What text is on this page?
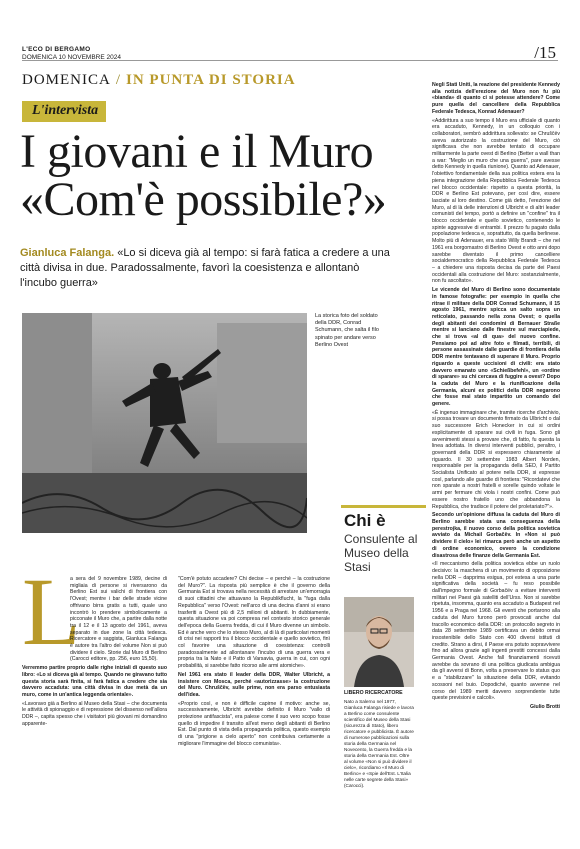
L'ECO DI BERGAMO
DOMENICA 10 NOVEMBRE 2024	/15
DOMENICA / IN PUNTA DI STORIA
L'intervista
I giovani e il Muro
«Com'è possibile?»
Gianluca Falanga. «Lo si diceva già al tempo: si farà fatica a credere a una città divisa in due. Paradossalmente, favorì la coesistenza e allontanò l'incubo guerra»
La storica foto del soldato della DDR, Conrad Schumann, che salta il filo spinato per andare verso Berlino Ovest
L

a sera del 9 novembre 1989, decine di migliaia di persone si riversarono da Berlino Est sui valichi di frontiera con l'Ovest; mentre i bar delle strade vicine offrivano birra gratis a tutti, quale uno incontrò lo prendere simbolicamente a picconate il Muro che, a partire dalla notte tra il 12 e il 13 agosto del 1961, aveva separato in due zone la città tedesca. Ricercatore e saggista, Gianluca Falanga è autore tra l'altro del volume Non si può dividere il cielo. Storie dal Muro di Berlino (Carocci editore, pp. 256, euro 15,50).

Verremmo partire proprio dalle righe iniziali di questo suo libro: «Lo si diceva già al tempo. Quando ne giravano tutto questa storia sarà finita, si farà fatica a credere che sia davvero accaduta: una città divisa in due metà da un muro, come in un'antica leggenda orientale».

«Lavoravo già a Berlino al Museo della Stasi – che documenta le attività di spionaggio e di repressione del dissenso nell'allora DDR –, capita spesso che i visitatori più giovani mi domandino apparente-

"Com'è potuto accadere? Chi decise – e perché – la costruzione del Muro?". La risposta più semplice è che il governo della Germania Est si trovava nella necessità di arrestare un'emorragia di suoi cittadini che attuavano la Republikflucht, la "fuga dalla Repubblica" verso l'Ovest: nell'arco di una decina d'anni si erano trasferiti a Ovest più di 2,5 milioni di abitanti. In dubbiamente, questa situazione va poi compresa nel contesto storico generale dell'epoca della Guerra fredda, di cui il Muro divenne un simbolo. Ed è anche vero che lo stesso Muro, al di là di particolari momenti di crisi nei rapporti tra il blocco occidentale e quello sovietico, finì col favorire una situazione di coesistenza: controlli paradossalmente ad allontanare l'incubo di una guerra vera e propria tra la Nato e il Patto di Varsavia, guerra in cui, con ogni probabilità, si sarebbe fatto ricorso alle armi atomiche».

Nel 1961 era stato il leader della DDR, Walter Ulbricht, a insistere con Mosca, perché «autorizzasse» la costruzione del Muro. Chruščëv, sulle prime, non era parso entusiasta dell'idea.

«Proprio così, e non è difficile capirne il motivo: anche se, successivamente, Ulbricht avrebbe definito il Muro "vallo di protezione antifascista", era palese come il suo vero scopo fosse quello di impedire il transito all'est meno degli abitanti di Berlino Est. Dal punto di vista della propaganda politica, questo esempio di una "prigione a cielo aperto" non contribuiva certamente a migliorare l'immagine del blocco comunista».

Negli Stati Uniti, la reazione del presidente Kennedy alla notizia dell'erezione del Muro non fu più «bianda» di quanto ci si potesse attendere? Come pure quella del cancelliere della Repubblica Federale Tedesca, Konrad Adenauer?

«Addirittura a suo tempo il Muro era ufficiale di quanto era accaduto, Kennedy, in un colloquio con i collaboratori, sembrò addirittura sollevato: se Chruščëv aveva autorizzato la costruzione del Muro, ciò significava che non avrebbe tentato di occupare militarmente la parte ovest di Berlino (Better a wall than a war: "Meglio un muro che una guerra", pare avesse detto Kennedy in quella riunione). Quanto ad Adenauer, l'obiettivo fondamentale della sua politica estera era la piena integrazione della Repubblica Federale Tedesca nel blocco occidentale: rispetto a questa priorità, la DDR e Berlino Est potevano, per così dire, essere lasciate al loro destino. Come già detto, l'erezione del Muro, al di là delle intenzioni di Ulbricht e di altri leader comunisti del tempo, portò a definire un "confine" tra il blocco occidentale e quello sovietico, contenendo le spinte aggressive di entrambi. Il prezzo fu pagato dalla popolazione tedesca e, soprattutto, da quella berlinese. Molto più di Adenauer, era stato Willy Brandt – che nel 1961 era borgomastro di Berlino Ovest e otto anni dopo sarebbe diventato il primo cancelliere socialdemocratico della Repubblica Federale Tedesca – a chiedere una risposta decisa da parte dei Paesi occidentali alla costruzione del Muro: sostanzialmente, non fu ascoltato».

Le vicende del Muro di Berlino sono documentate in famose fotografie: per esempio in quella che ritrae il militare della DDR Conrad Schumann, il 15 agosto 1961, mentre spicca un salto sopra un reticolato, passando nella zona Ovest; o quella degli abitanti dei condomini di Bernauer Straße mentre si lanciano dalle finestre sul marciapiede, che si trova «al di qua» del nuovo confine. Pensiamo poi ad altre foto e filmati, terribili, di persone assassinate dalle guardie di frontiera della DDR mentre tentavano di superare il Muro. Proprio riguardo a queste uccisioni di civili: era stato davvero emanato uno «Schießbefehl», un «ordine di sparare» su chi cercava di fuggire a ovest? Dopo la caduta del Muro e la riunificazione della Germania, alcuni ex politici della DDR negarono che fosse mai stato impartito un comando del genere.

«È ingenuo immaginare che, tramite ricerche d'archivio, si possa trovare un documento firmato da Ulbricht o dal suo successore Erich Honecker in cui si ordini esplicitamente di sparare sui civili in fuga. Sono gli avvenimenti stessi a provare che, di fatto, fu questa la linea adottata. In diversi interventi pubblici, peraltro, i governanti della DDR si espressero chiaramente al riguardo. Il 30 settembre 1983 Albert Norden, responsabile per la propaganda della SED, il Partito Socialista Unificato al potere nella DDR, si espresse così, parlando alle guardie di frontiera: "Ricordatevi che non sparate a nostri fratelli e sorelle quindo voltate le armi per fermare chi viola i nostri confini. Come può essere nostro fratello uno che abbandona la Repubblica, che tradisce il potere del proletariato?"».

Secondo un'opinione diffusa la caduta del Muro di Berlino sarebbe stata una conseguenza della perestrojka, il nuovo corso della politica sovietica avviato da Michail Gorbačëv. In «Non si può dividere il cielo» lei rimarca però anche un aspetto di ordine economico, ovvero la condizione disastrosa delle finanze della Germania Est.

«Il meccanismo della politica sovietica ebbe un ruolo decisivo: la maschera di un movimento di opposizione nella DDR – dapprima esigua, poi estesa a una parte significativa della società – fu reso possibile dall'impegno formale di Gorbačëv a evitare interventi militari nei Paesi già satelliti dell'Urss. Non si sarebbe ripetuta, insomma, quanto era accaduto a Budapest nel 1956 e a Praga nel 1968. Gli eventi che portarono alla caduta del Muro furono però provocati anche dal tracollo economico della DDR: un protocollo segreto in data 28 settembre 1989 certificava un debito ormai insostenibile dello Stato con 400 diversi istituti di credito. Strano a dirsi, il Paese era potuto sopravvivere fino ad allora grazie agli ingenti prestiti concessi dalla Germania Ovest. Anche fall finanziamenti ricevuti avrebbe da sovrano di una politica giudicata ambigua da gli avversi di Bonn, volta a preservare lo status quo e a "stabilizzare" la situazione della DDR, evitando scossoni nel buio. Dopodiché, quanto avvenne nel corso del 1989 meriti davvero sorprendente tutte queste previsioni e calcoli».

Giulio Brotti

Chi è
Consulente al Museo della Stasi

LIBERO RICERCATORE

Nato a Salerno nel 1977, Gianluca Falanga risiede e lavora a Berlino come consulente scientifico del Museo della Stasi (sicurezza di Stato), libero ricercatore e pubblicista. È autore di numerose pubblicazioni sulla storia della Germania nel Novecento, la Guerra fredda e la storia della Germania Est. Oltre al volume «Non si può dividere il cielo», ricordiamo «Il Muro di Berlino» e «Spie dell'Est. L'Italia nelle carte segrete della Stasi» (Carocci).
